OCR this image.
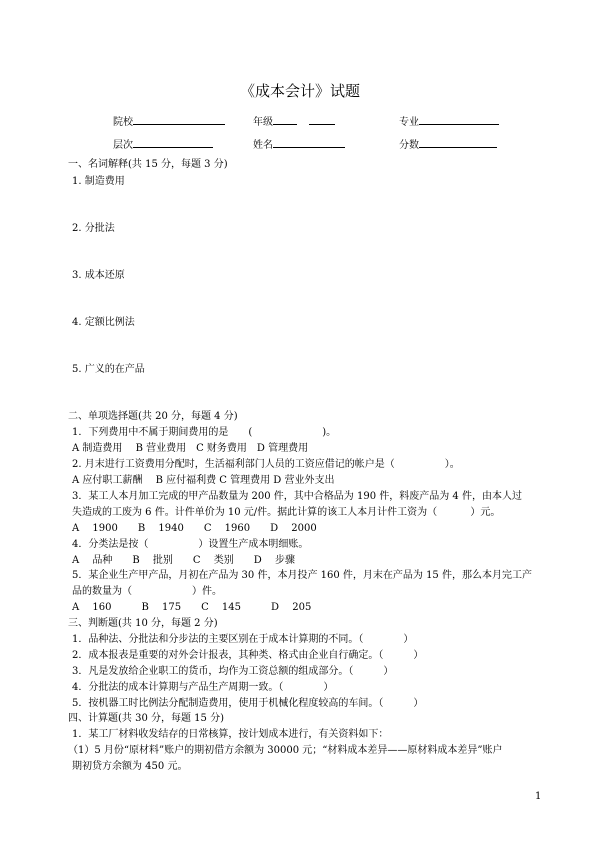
《成本会计》试题
院校	年级	专业
层次	姓名	分数
一、名词解释(共 15 分，每题 3 分)
1. 制造费用
2. 分批法
3. 成本还原
4. 定额比例法
5. 广义的在产品
二、单项选择题(共 20 分，每题 4 分)
1．下列费用中不属于期间费用的是　　(　　　　　　　)。
A 制造费用　 B 营业费用　C 财务费用　D 管理费用
2. 月末进行工资费用分配时，生活福利部门人员的工资应借记的帐户是（　　　　　）。
A 应付职工薪酬　 B 应付福利费 C 管理费用 D 营业外支出
3．某工人本月加工完成的甲产品数量为 200 件，其中合格品为 190 件，料废产品为 4 件，由本人过
失造成的工废为 6 件。计件单价为 10 元/件。据此计算的该工人本月计件工资为（　　　 ）元。
A　 1900　　B　 1940　　C　 1960　　D　 2000
4．分类法是按（　　　　　）设置生产成本明细账。
A　 品种　　B　 批别　　C　 类别　　D　 步骤
5．某企业生产甲产品，月初在产品为 30 件，本月投产 160 件，月末在产品为 15 件，那么本月完工产
品的数量为（　　　　　　）件。
A　 160　　　B　 175　　C　 145　　　D　 205
三、判断题(共 10 分，每题 2 分)
1．品种法、分批法和分步法的主要区别在于成本计算期的不同。（　　　　）
2．成本报表是重要的对外会计报表，其种类、格式由企业自行确定。（　　　）
3．凡是发放给企业职工的货币，均作为工资总额的组成部分。（　　　）
4．分批法的成本计算期与产品生产周期一致。（　　　　）
5．按机器工时比例法分配制造费用，使用于机械化程度较高的车间。（　　　）
四、计算题(共 30 分，每题 15 分)
1．某工厂材料收发结存的日常核算，按计划成本进行，有关资料如下：
（1）5 月份“原材料”账户的期初借方余额为 30000 元；“材料成本差异——原材料成本差异”账户
期初贷方余额为 450 元。
1
